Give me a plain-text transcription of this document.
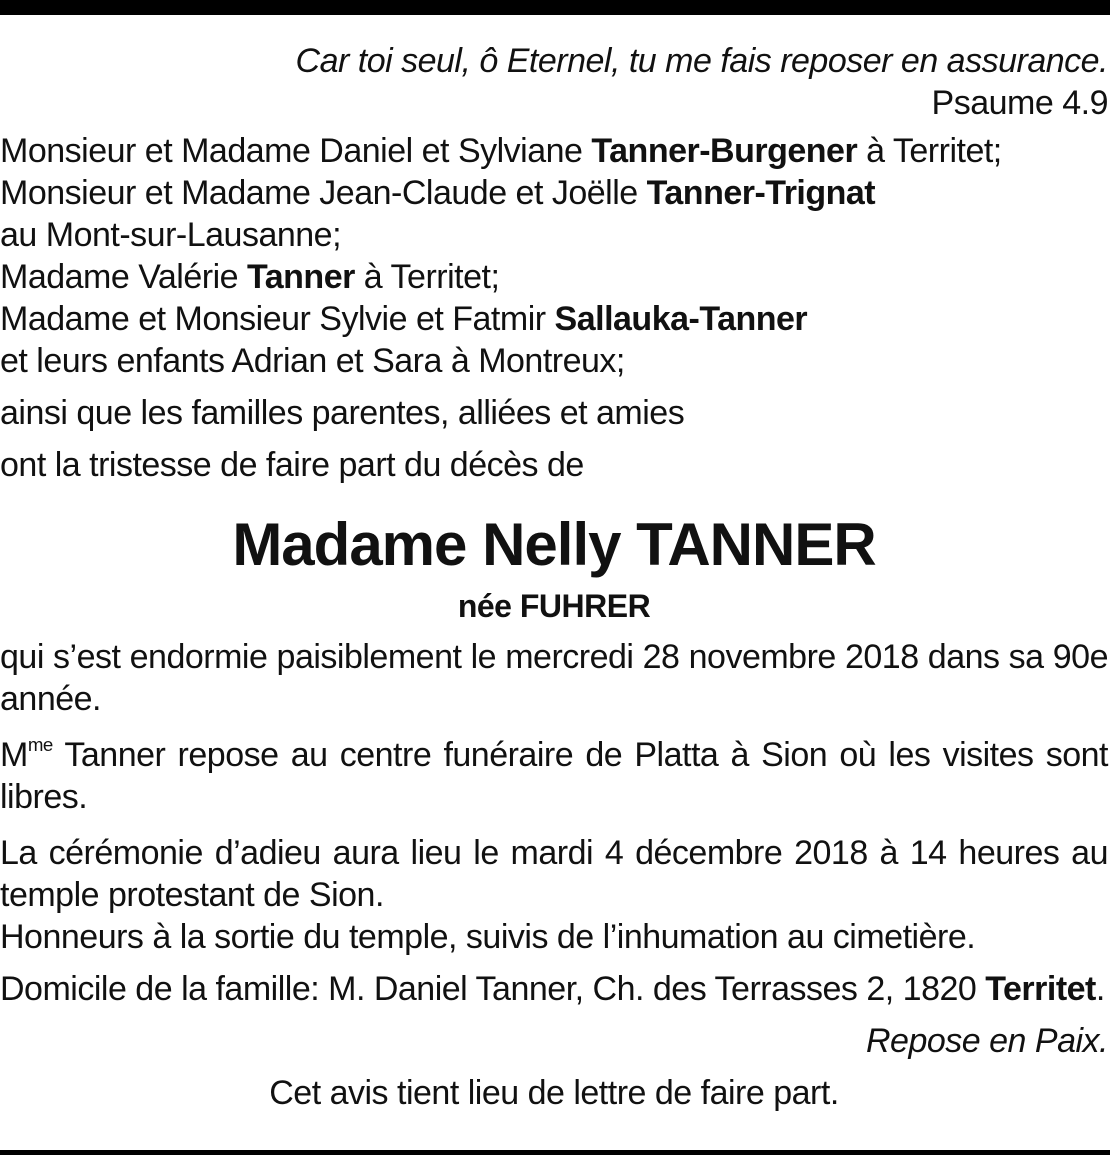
Car toi seul, ô Eternel, tu me fais reposer en assurance.

Psaume 4.9

Monsieur et Madame Daniel et Sylviane Tanner-Burgener à Territet;
Monsieur et Madame Jean-Claude et Joëlle Tanner-Trignat
au Mont-sur-Lausanne;
Madame Valérie Tanner à Territet;
Madame et Monsieur Sylvie et Fatmir Sallauka-Tanner
et leurs enfants Adrian et Sara à Montreux;

ainsi que les familles parentes, alliées et amies

ont la tristesse de faire part du décès de

Madame Nelly TANNER

née FUHRER

qui s’est endormie paisiblement le mercredi 28 novembre 2018 dans sa 90e année.

$M^{me}$ Tanner repose au centre funéraire de Platta à Sion où les visites sont libres.

La cérémonie d’adieu aura lieu le mardi 4 décembre 2018 à 14 heures au temple protestant de Sion.

Honneurs à la sortie du temple, suivis de l’inhumation au cimetière.

Domicile de la famille: M. Daniel Tanner, Ch. des Terrasses 2, 1820 Territet.

Repose en Paix.

Cet avis tient lieu de lettre de faire part.
